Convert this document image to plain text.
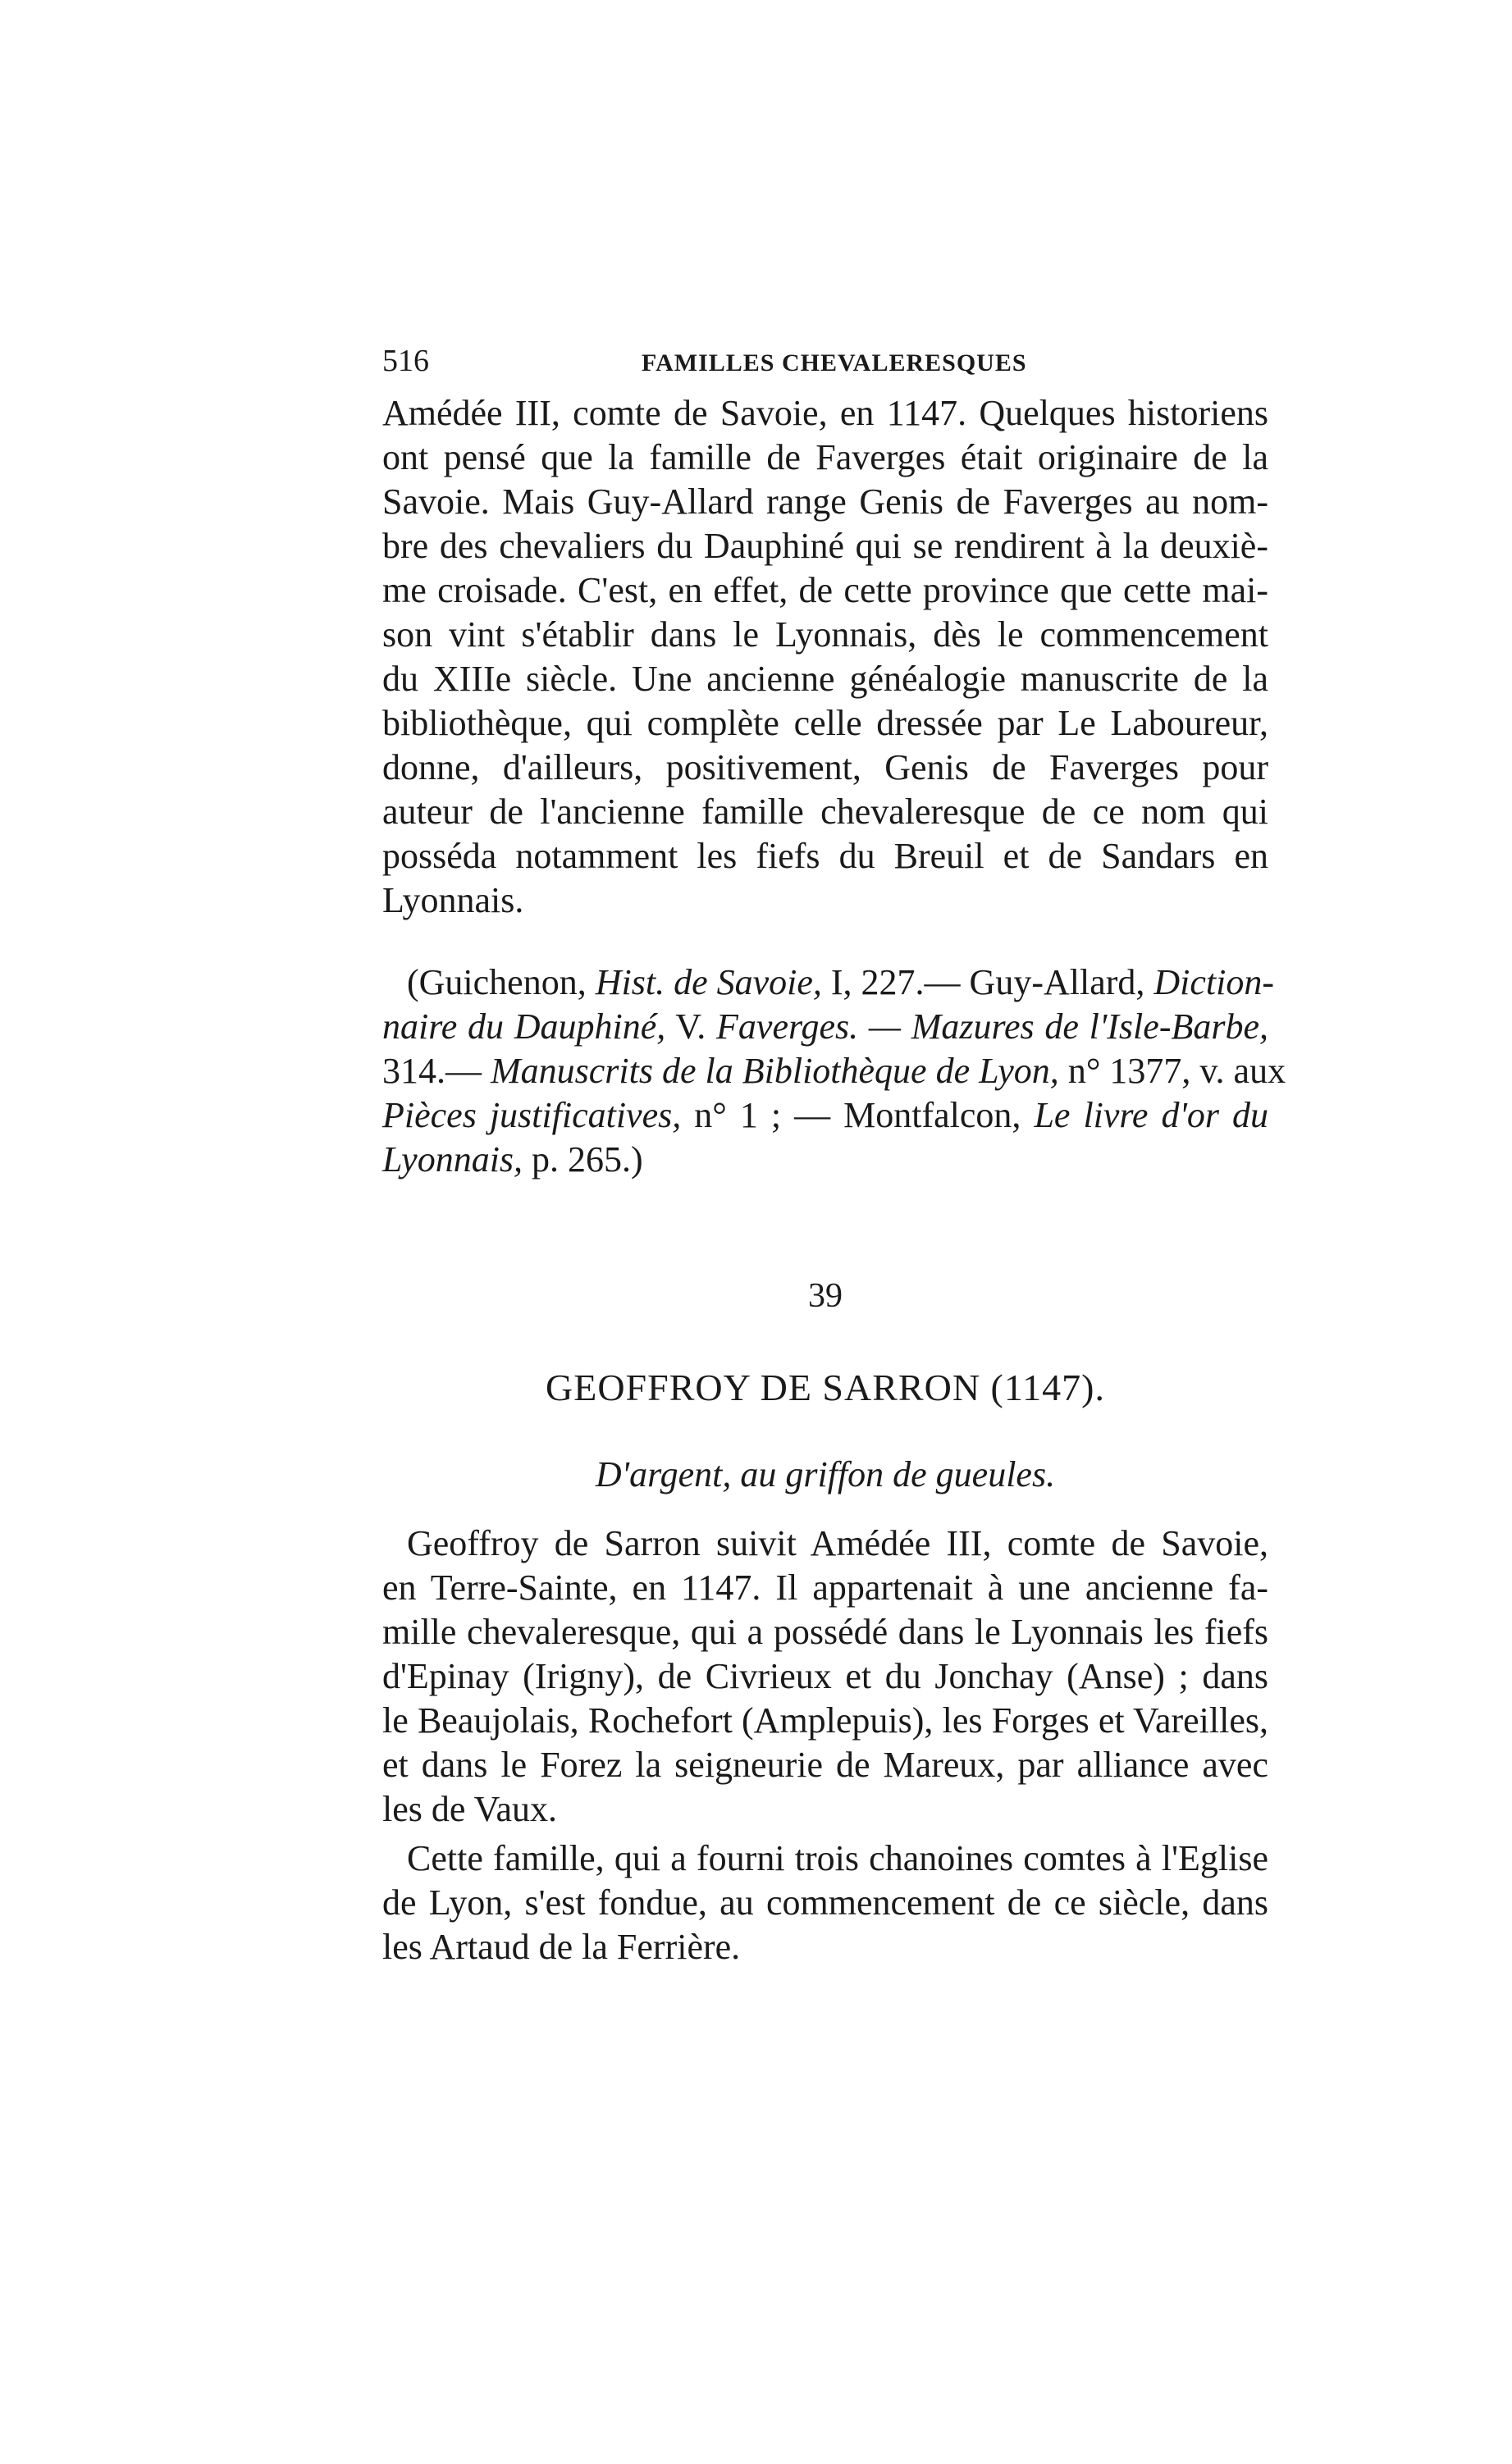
516	FAMILLES CHEVALERESQUES
Amédée III, comte de Savoie, en 1147. Quelques historiens
ont pensé que la famille de Faverges était originaire de la
Savoie. Mais Guy-Allard range Genis de Faverges au nom-
bre des chevaliers du Dauphiné qui se rendirent à la deuxiè-
me croisade. C'est, en effet, de cette province que cette mai-
son vint s'établir dans le Lyonnais, dès le commencement
du XIIIe siècle. Une ancienne généalogie manuscrite de la
bibliothèque, qui complète celle dressée par Le Laboureur,
donne, d'ailleurs, positivement, Genis de Faverges pour
auteur de l'ancienne famille chevaleresque de ce nom qui
posséda notamment les fiefs du Breuil et de Sandars en
Lyonnais.
(Guichenon, Hist. de Savoie, I, 227.— Guy-Allard, Diction-
naire du Dauphiné, V. Faverges. — Mazures de l'Isle-Barbe,
314.— Manuscrits de la Bibliothèque de Lyon, n° 1377, v. aux
Pièces justificatives, n° 1 ; — Montfalcon, Le livre d'or du
Lyonnais, p. 265.)
39
GEOFFROY DE SARRON (1147).
D'argent, au griffon de gueules.
Geoffroy de Sarron suivit Amédée III, comte de Savoie,
en Terre-Sainte, en 1147. Il appartenait à une ancienne fa-
mille chevaleresque, qui a possédé dans le Lyonnais les fiefs
d'Epinay (Irigny), de Civrieux et du Jonchay (Anse) ; dans
le Beaujolais, Rochefort (Amplepuis), les Forges et Vareilles,
et dans le Forez la seigneurie de Mareux, par alliance avec
les de Vaux.
Cette famille, qui a fourni trois chanoines comtes à l'Eglise
de Lyon, s'est fondue, au commencement de ce siècle, dans
les Artaud de la Ferrière.
